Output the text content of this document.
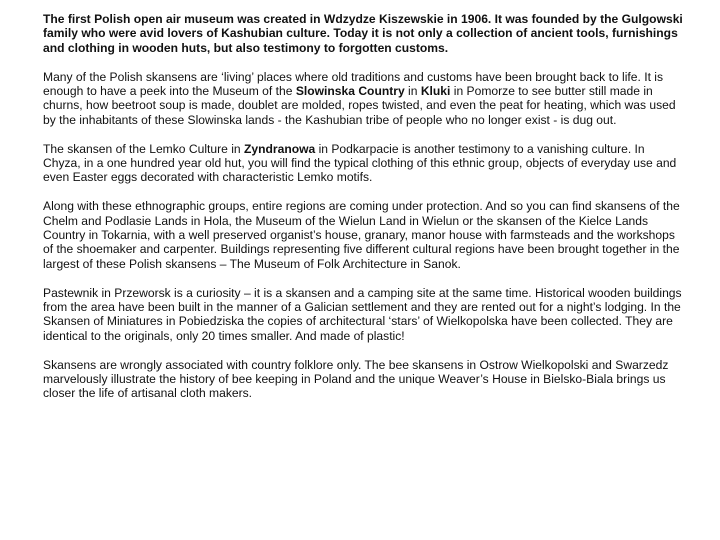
The first Polish open air museum was created in Wdzydze Kiszewskie in 1906. It was founded by the Gulgowski family who were avid lovers of Kashubian culture. Today it is not only a collection of ancient tools, furnishings and clothing in wooden huts, but also testimony to forgotten customs.

Many of the Polish skansens are ‘living’ places where old traditions and customs have been brought back to life. It is enough to have a peek into the Museum of the Slowinska Country in Kluki in Pomorze to see butter still made in churns, how beetroot soup is made, doublet are molded, ropes twisted, and even the peat for heating, which was used by the inhabitants of these Slowinska lands - the Kashubian tribe of people who no longer exist - is dug out.

The skansen of the Lemko Culture in Zyndranowa in Podkarpacie is another testimony to a vanishing culture. In Chyza, in a one hundred year old hut, you will find the typical clothing of this ethnic group, objects of everyday use and even Easter eggs decorated with characteristic Lemko motifs.

Along with these ethnographic groups, entire regions are coming under protection. And so you can find skansens of the Chelm and Podlasie Lands in Hola, the Museum of the Wielun Land in Wielun or the skansen of the Kielce Lands Country in Tokarnia, with a well preserved organist’s house, granary, manor house with farmsteads and the workshops of the shoemaker and carpenter. Buildings representing five different cultural regions have been brought together in the largest of these Polish skansens – The Museum of Folk Architecture in Sanok.

Pastewnik in Przeworsk is a curiosity – it is a skansen and a camping site at the same time. Historical wooden buildings from the area have been built in the manner of a Galician settlement and they are rented out for a night’s lodging. In the Skansen of Miniatures in Pobiedziska the copies of architectural ‘stars’ of Wielkopolska have been collected. They are identical to the originals, only 20 times smaller. And made of plastic!

Skansens are wrongly associated with country folklore only. The bee skansens in Ostrow Wielkopolski and Swarzedz marvelously illustrate the history of bee keeping in Poland and the unique Weaver’s House in Bielsko-Biala brings us closer the life of artisanal cloth makers.
